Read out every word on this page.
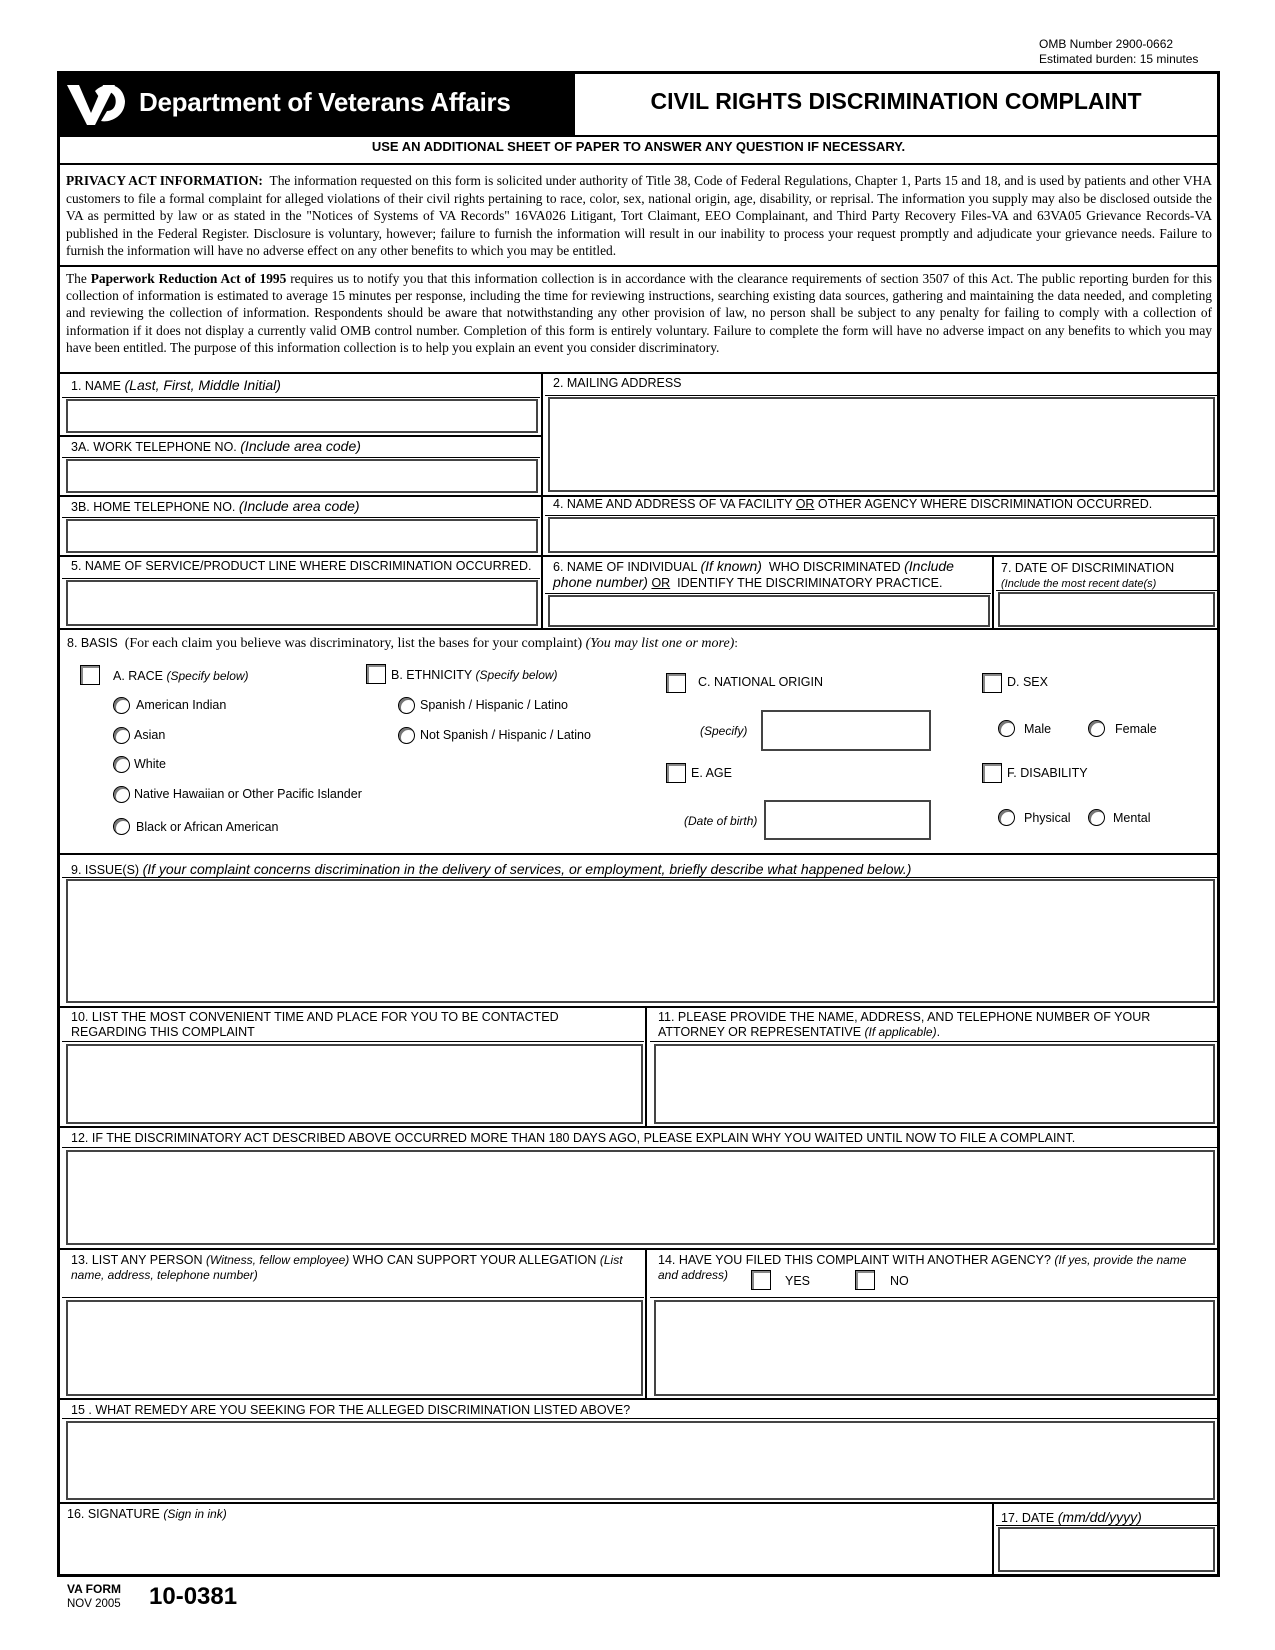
OMB Number 2900-0662
Estimated burden: 15 minutes
Department of Veterans Affairs	CIVIL RIGHTS DISCRIMINATION COMPLAINT
USE AN ADDITIONAL SHEET OF PAPER TO ANSWER ANY QUESTION IF NECESSARY.
PRIVACY ACT INFORMATION: The information requested on this form is solicited under authority of Title 38, Code of Federal Regulations, Chapter 1, Parts 15 and 18, and is used by patients and other VHA customers to file a formal complaint for alleged violations of their civil rights pertaining to race, color, sex, national origin, age, disability, or reprisal. The information you supply may also be disclosed outside the VA as permitted by law or as stated in the "Notices of Systems of VA Records" 16VA026 Litigant, Tort Claimant, EEO Complainant, and Third Party Recovery Files-VA and 63VA05 Grievance Records-VA published in the Federal Register. Disclosure is voluntary, however; failure to furnish the information will result in our inability to process your request promptly and adjudicate your grievance needs. Failure to furnish the information will have no adverse effect on any other benefits to which you may be entitled.
The Paperwork Reduction Act of 1995 requires us to notify you that this information collection is in accordance with the clearance requirements of section 3507 of this Act. The public reporting burden for this collection of information is estimated to average 15 minutes per response, including the time for reviewing instructions, searching existing data sources, gathering and maintaining the data needed, and completing and reviewing the collection of information. Respondents should be aware that notwithstanding any other provision of law, no person shall be subject to any penalty for failing to comply with a collection of information if it does not display a currently valid OMB control number. Completion of this form is entirely voluntary. Failure to complete the form will have no adverse impact on any benefits to which you may have been entitled. The purpose of this information collection is to help you explain an event you consider discriminatory.
1. NAME (Last, First, Middle Initial)	2. MAILING ADDRESS
3A. WORK TELEPHONE NO. (Include area code)
3B. HOME TELEPHONE NO. (Include area code)	4. NAME AND ADDRESS OF VA FACILITY OR OTHER AGENCY WHERE DISCRIMINATION OCCURRED.
5. NAME OF SERVICE/PRODUCT LINE WHERE DISCRIMINATION OCCURRED. 6. NAME OF INDIVIDUAL (If known) WHO DISCRIMINATED (Include
phone number) OR IDENTIFY THE DISCRIMINATORY PRACTICE.
7. DATE OF DISCRIMINATION
(Include the most recent date(s)
8. BASIS (For each claim you believe was discriminatory, list the bases for your complaint) (You may list one or more):
A. RACE (Specify below)
American Indian
Asian
White
Native Hawaiian or Other Pacific Islander
Black or African American
B. ETHNICITY (Specify below)
Spanish / Hispanic / Latino
Not Spanish / Hispanic / Latino
C. NATIONAL ORIGIN
(Specify)
E. AGE
(Date of birth)
D. SEX
Male	Female
F. DISABILITY
Physical	Mental
9. ISSUE(S) (If your complaint concerns discrimination in the delivery of services, or employment, briefly describe what happened below.)
10. LIST THE MOST CONVENIENT TIME AND PLACE FOR YOU TO BE CONTACTED
REGARDING THIS COMPLAINT
11. PLEASE PROVIDE THE NAME, ADDRESS, AND TELEPHONE NUMBER OF YOUR
ATTORNEY OR REPRESENTATIVE (If applicable).
12. IF THE DISCRIMINATORY ACT DESCRIBED ABOVE OCCURRED MORE THAN 180 DAYS AGO, PLEASE EXPLAIN WHY YOU WAITED UNTIL NOW TO FILE A COMPLAINT.
13. LIST ANY PERSON (Witness, fellow employee) WHO CAN SUPPORT YOUR ALLEGATION (List
name, address, telephone number)
14. HAVE YOU FILED THIS COMPLAINT WITH ANOTHER AGENCY? (If yes, provide the name
and address)	YES	NO
15 . WHAT REMEDY ARE YOU SEEKING FOR THE ALLEGED DISCRIMINATION LISTED ABOVE?
16. SIGNATURE (Sign in ink)	17. DATE (mm/dd/yyyy)
VA FORM
NOV 2005 10-0381
